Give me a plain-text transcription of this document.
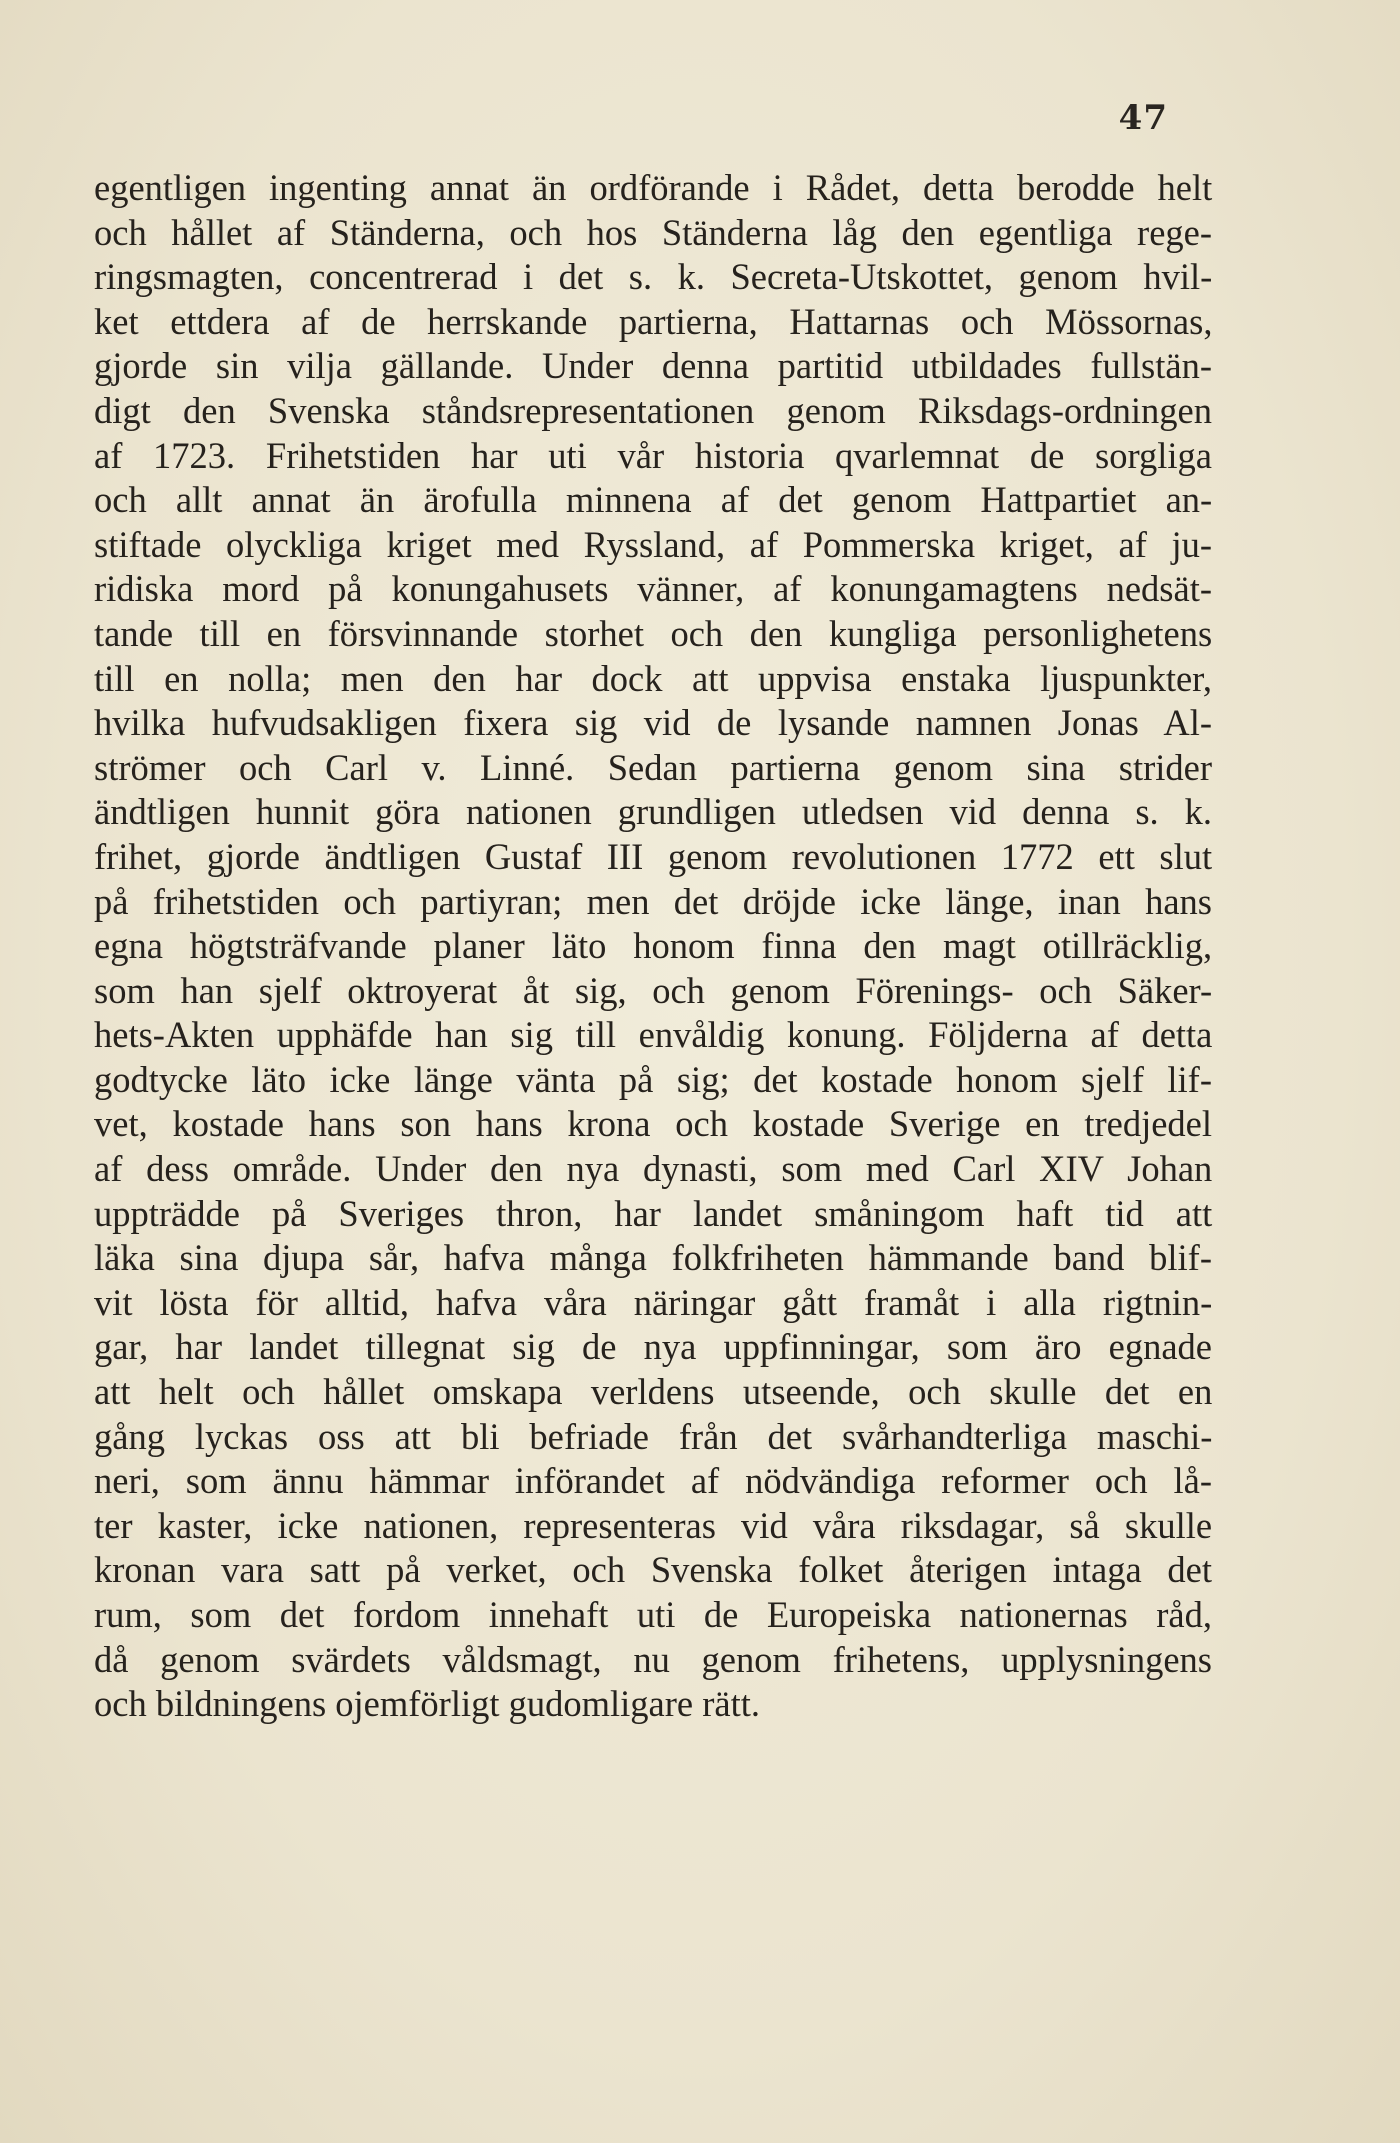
47
egentligen ingenting annat än ordförande i Rådet, detta berodde helt
och hållet af Ständerna, och hos Ständerna låg den egentliga rege-
ringsmagten, concentrerad i det s. k. Secreta-Utskottet, genom hvil-
ket ettdera af de herrskande partierna, Hattarnas och Mössornas,
gjorde sin vilja gällande. Under denna partitid utbildades fullstän-
digt den Svenska ståndsrepresentationen genom Riksdags-ordningen
af 1723. Frihetstiden har uti vår historia qvarlemnat de sorgliga
och allt annat än ärofulla minnena af det genom Hattpartiet an-
stiftade olyckliga kriget med Ryssland, af Pommerska kriget, af ju-
ridiska mord på konungahusets vänner, af konungamagtens nedsät-
tande till en försvinnande storhet och den kungliga personlighetens
till en nolla; men den har dock att uppvisa enstaka ljuspunkter,
hvilka hufvudsakligen fixera sig vid de lysande namnen Jonas Al-
strömer och Carl v. Linné. Sedan partierna genom sina strider
ändtligen hunnit göra nationen grundligen utledsen vid denna s. k.
frihet, gjorde ändtligen Gustaf III genom revolutionen 1772 ett slut
på frihetstiden och partiyran; men det dröjde icke länge, inan hans
egna högtsträfvande planer läto honom finna den magt otillräcklig,
som han sjelf oktroyerat åt sig, och genom Förenings- och Säker-
hets-Akten upphäfde han sig till envåldig konung. Följderna af detta
godtycke läto icke länge vänta på sig; det kostade honom sjelf lif-
vet, kostade hans son hans krona och kostade Sverige en tredjedel
af dess område. Under den nya dynasti, som med Carl XIV Johan
uppträdde på Sveriges thron, har landet småningom haft tid att
läka sina djupa sår, hafva många folkfriheten hämmande band blif-
vit lösta för alltid, hafva våra näringar gått framåt i alla rigtnin-
gar, har landet tillegnat sig de nya uppfinningar, som äro egnade
att helt och hållet omskapa verldens utseende, och skulle det en
gång lyckas oss att bli befriade från det svårhandterliga maschi-
neri, som ännu hämmar införandet af nödvändiga reformer och lå-
ter kaster, icke nationen, representeras vid våra riksdagar, så skulle
kronan vara satt på verket, och Svenska folket återigen intaga det
rum, som det fordom innehaft uti de Europeiska nationernas råd,
då genom svärdets våldsmagt, nu genom frihetens, upplysningens
och bildningens ojemförligt gudomligare rätt.
